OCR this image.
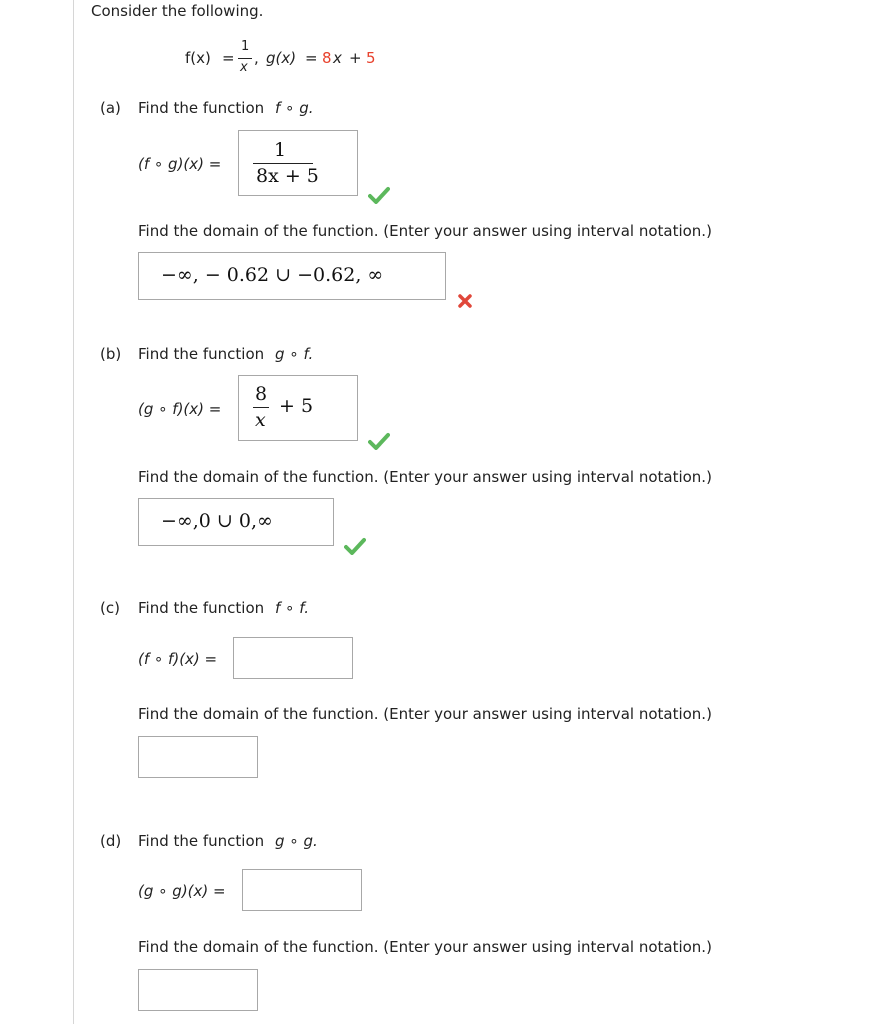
Consider the following.
f(x) =
1
x
, g(x) = 8 x + 5
(a) Find the function f ∘ g.
(f ∘ g)(x) =
1
8x + 5
Find the domain of the function. (Enter your answer using interval notation.)
−∞, − 0.62 ∪ −0.62, ∞
(b) Find the function g ∘ f.
(g ∘ f)(x) =
8
x
+ 5
Find the domain of the function. (Enter your answer using interval notation.)
−∞,0 ∪ 0,∞
(c) Find the function f ∘ f.
(f ∘ f)(x) =
Find the domain of the function. (Enter your answer using interval notation.)
(d) Find the function g ∘ g.
(g ∘ g)(x) =
Find the domain of the function. (Enter your answer using interval notation.)
